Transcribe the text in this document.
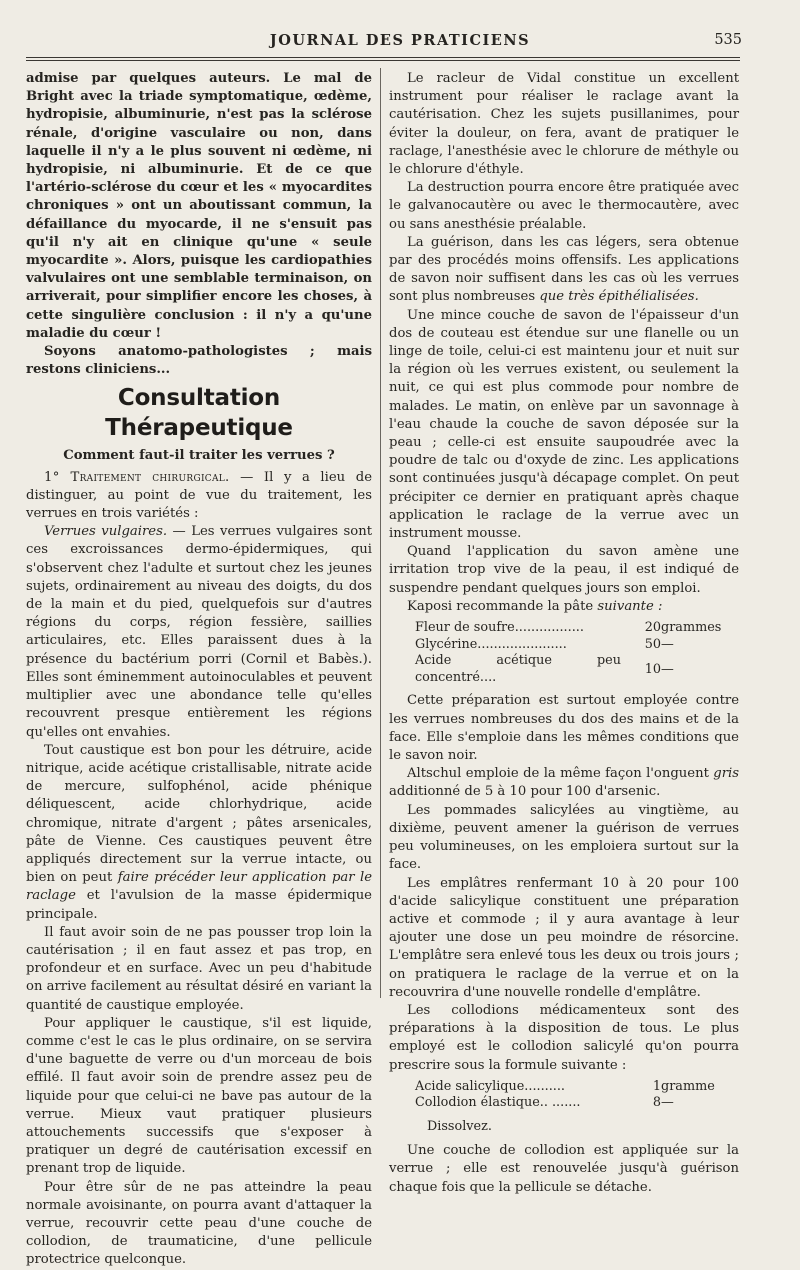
JOURNAL DES PRATICIENS	535

admise par quelques auteurs. Le mal de Bright avec la triade symptomatique, œdème, hydropisie, albuminurie, n'est pas la sclérose rénale, d'origine vasculaire ou non, dans laquelle il n'y a le plus souvent ni œdème, ni hydropisie, ni albuminurie. Et de ce que l'artério-sclérose du cœur et les « myocardites chroniques » ont un aboutissant commun, la défaillance du myocarde, il ne s'ensuit pas qu'il n'y ait en clinique qu'une « seule myocardite ». Alors, puisque les cardiopathies valvulaires ont une semblable terminaison, on arriverait, pour simplifier encore les choses, à cette singulière conclusion : il n'y a qu'une maladie du cœur !

Soyons anatomo-pathologistes ; mais restons cliniciens...

Consultation Thérapeutique

Comment faut-il traiter les verrues ?

1° Traitement chirurgical. — Il y a lieu de distinguer, au point de vue du traitement, les verrues en trois variétés :

Verrues vulgaires. — Les verrues vulgaires sont ces excroissances dermo-épidermiques, qui s'observent chez l'adulte et surtout chez les jeunes sujets, ordinairement au niveau des doigts, du dos de la main et du pied, quelquefois sur d'autres régions du corps, région fessière, saillies articulaires, etc. Elles paraissent dues à la présence du bactérium porri (Cornil et Babès.). Elles sont éminemment autoinoculables et peuvent multiplier avec une abondance telle qu'elles recouvrent presque entièrement les régions qu'elles ont envahies.

Tout caustique est bon pour les détruire, acide nitrique, acide acétique cristallisable, nitrate acide de mercure, sulfophénol, acide phénique déliquescent, acide chlorhydrique, acide chromique, nitrate d'argent ; pâtes arsenicales, pâte de Vienne. Ces caustiques peuvent être appliqués directement sur la verrue intacte, ou bien on peut faire précéder leur application par le raclage et l'avulsion de la masse épidermique principale.

Il faut avoir soin de ne pas pousser trop loin la cautérisation ; il en faut assez et pas trop, en profondeur et en surface. Avec un peu d'habitude on arrive facilement au résultat désiré en variant la quantité de caustique employée.

Pour appliquer le caustique, s'il est liquide, comme c'est le cas le plus ordinaire, on se servira d'une baguette de verre ou d'un morceau de bois effilé. Il faut avoir soin de prendre assez peu de liquide pour que celui-ci ne bave pas autour de la verrue. Mieux vaut pratiquer plusieurs attouchements successifs que s'exposer à pratiquer un degré de cautérisation excessif en prenant trop de liquide.

Pour être sûr de ne pas atteindre la peau normale avoisinante, on pourra avant d'attaquer la verrue, recouvrir cette peau d'une couche de collodion, de traumaticine, d'une pellicule protectrice quelconque.

Le racleur de Vidal constitue un excellent instrument pour réaliser le raclage avant la cautérisation. Chez les sujets pusillanimes, pour éviter la douleur, on fera, avant de pratiquer le raclage, l'anesthésie avec le chlorure de méthyle ou le chlorure d'éthyle.

La destruction pourra encore être pratiquée avec le galvanocautère ou avec le thermocautère, avec ou sans anesthésie préalable.

La guérison, dans les cas légers, sera obtenue par des procédés moins offensifs. Les applications de savon noir suffisent dans les cas où les verrues sont plus nombreuses que très épithélialisées.

Une mince couche de savon de l'épaisseur d'un dos de couteau est étendue sur une flanelle ou un linge de toile, celui-ci est maintenu jour et nuit sur la région où les verrues existent, ou seulement la nuit, ce qui est plus commode pour nombre de malades. Le matin, on enlève par un savonnage à l'eau chaude la couche de savon déposée sur la peau ; celle-ci est ensuite saupoudrée avec la poudre de talc ou d'oxyde de zinc. Les applications sont continuées jusqu'à décapage complet. On peut précipiter ce dernier en pratiquant après chaque application le raclage de la verrue avec un instrument mousse.

Quand l'application du savon amène une irritation trop vive de la peau, il est indiqué de suspendre pendant quelques jours son emploi.

Kaposi recommande la pâte suivante :

Fleur de soufre.................	20	grammes
Glycérine......................	50	—
Acide acétique peu concentré....	10	—

Cette préparation est surtout employée contre les verrues nombreuses du dos des mains et de la face. Elle s'emploie dans les mêmes conditions que le savon noir.

Altschul emploie de la même façon l'onguent gris additionné de 5 à 10 pour 100 d'arsenic.

Les pommades salicylées au vingtième, au dixième, peuvent amener la guérison de verrues peu volumineuses, on les emploiera surtout sur la face.

Les emplâtres renfermant 10 à 20 pour 100 d'acide salicylique constituent une préparation active et commode ; il y aura avantage à leur ajouter une dose un peu moindre de résorcine. L'emplâtre sera enlevé tous les deux ou trois jours ; on pratiquera le raclage de la verrue et on la recouvrira d'une nouvelle rondelle d'emplâtre.

Les collodions médicamenteux sont des préparations à la disposition de tous. Le plus employé est le collodion salicylé qu'on pourra prescrire sous la formule suivante :

Acide salicylique..........	1	gramme
Collodion élastique.. .......	8	—
Dissolvez.

Une couche de collodion est appliquée sur la verrue ; elle est renouvelée jusqu'à guérison chaque fois que la pellicule se détache.
